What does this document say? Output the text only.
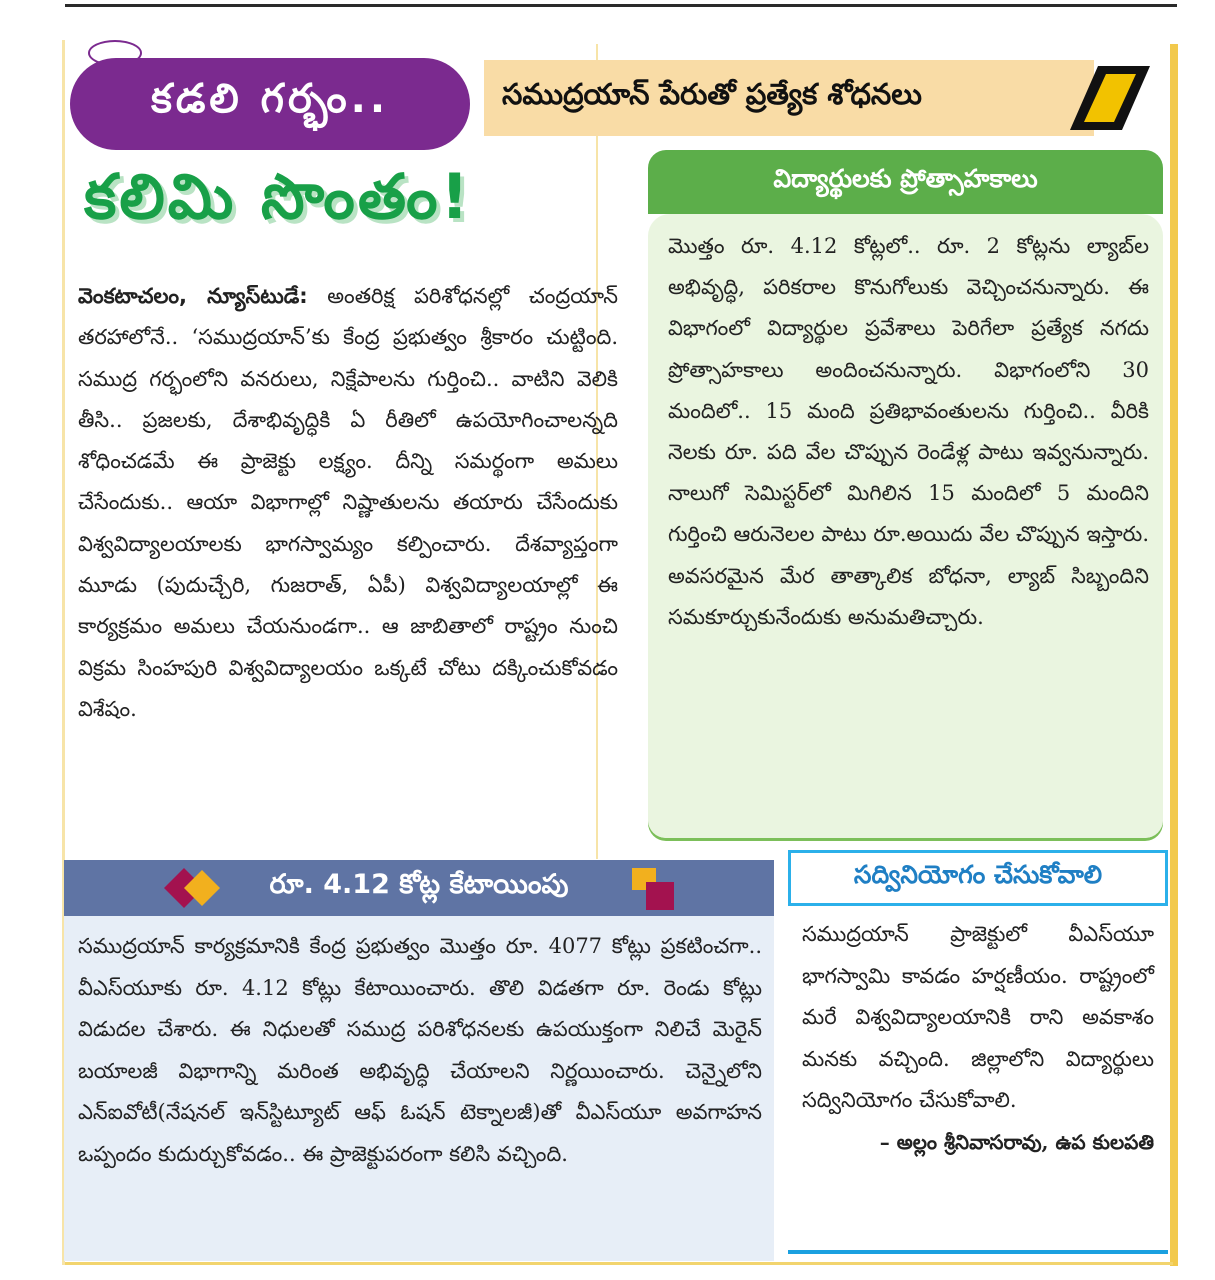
కడలి గర్భం..	సముద్రయాన్ పేరుతో ప్రత్యేక శోధనలు
కలిమి సొంతం!
వెంకటాచలం, న్యూస్‌టుడే: అంతరిక్ష పరిశోధనల్లో చంద్రయాన్ తరహాలోనే.. ‘సముద్రయాన్’కు కేంద్ర ప్రభుత్వం శ్రీకారం చుట్టింది. సముద్ర గర్భంలోని వనరులు, నిక్షేపాలను గుర్తించి.. వాటిని వెలికి తీసి.. ప్రజలకు, దేశాభివృద్ధికి ఏ రీతిలో ఉపయోగించాలన్నది శోధించడమే ఈ ప్రాజెక్టు లక్ష్యం. దీన్ని సమర్థంగా అమలు చేసేందుకు.. ఆయా విభాగాల్లో నిష్ణాతులను తయారు చేసేందుకు విశ్వవిద్యాలయాలకు భాగస్వామ్యం కల్పించారు. దేశవ్యాప్తంగా మూడు (పుదుచ్చేరి, గుజరాత్, ఏపీ) విశ్వవిద్యాలయాల్లో ఈ కార్యక్రమం అమలు చేయనుండగా.. ఆ జాబితాలో రాష్ట్రం నుంచి విక్రమ సింహపురి విశ్వవిద్యాలయం ఒక్కటే చోటు దక్కించుకోవడం విశేషం.
విద్యార్థులకు ప్రోత్సాహకాలు
మొత్తం రూ. 4.12 కోట్లలో.. రూ. 2 కోట్లను ల్యాబ్‌ల అభివృద్ధి, పరికరాల కొనుగోలుకు వెచ్చించనున్నారు. ఈ విభాగంలో విద్యార్థుల ప్రవేశాలు పెరిగేలా ప్రత్యేక నగదు ప్రోత్సాహకాలు అందించనున్నారు. విభాగంలోని 30 మందిలో.. 15 మంది ప్రతిభావంతులను గుర్తించి.. వీరికి నెలకు రూ. పది వేల చొప్పున రెండేళ్ల పాటు ఇవ్వనున్నారు. నాలుగో సెమిస్టర్‌లో మిగిలిన 15 మందిలో 5 మందిని గుర్తించి ఆరునెలల పాటు రూ.అయిదు వేల చొప్పున ఇస్తారు. అవసరమైన మేర తాత్కాలిక బోధనా, ల్యాబ్ సిబ్బందిని సమకూర్చుకునేందుకు అనుమతిచ్చారు.
రూ. 4.12 కోట్ల కేటాయింపు
సముద్రయాన్ కార్యక్రమానికి కేంద్ర ప్రభుత్వం మొత్తం రూ. 4077 కోట్లు ప్రకటించగా.. వీఎస్‌యూకు రూ. 4.12 కోట్లు కేటాయించారు. తొలి విడతగా రూ. రెండు కోట్లు విడుదల చేశారు. ఈ నిధులతో సముద్ర పరిశోధనలకు ఉపయుక్తంగా నిలిచే మెరైన్ బయాలజీ విభాగాన్ని మరింత అభివృద్ధి చేయాలని నిర్ణయించారు. చెన్నైలోని ఎన్ఐవోటీ(నేషనల్ ఇన్‌స్టిట్యూట్ ఆఫ్ ఓషన్ టెక్నాలజీ)తో వీఎస్‌యూ అవగాహన ఒప్పందం కుదుర్చుకోవడం.. ఈ ప్రాజెక్టుపరంగా కలిసి వచ్చింది.
సద్వినియోగం చేసుకోవాలి
సముద్రయాన్ ప్రాజెక్టులో వీఎస్‌యూ భాగస్వామి కావడం హర్షణీయం. రాష్ట్రంలో మరే విశ్వవిద్యాలయానికి రాని అవకాశం మనకు వచ్చింది. జిల్లాలోని విద్యార్థులు సద్వినియోగం చేసుకోవాలి.
– అల్లం శ్రీనివాసరావు, ఉప కులపతి
